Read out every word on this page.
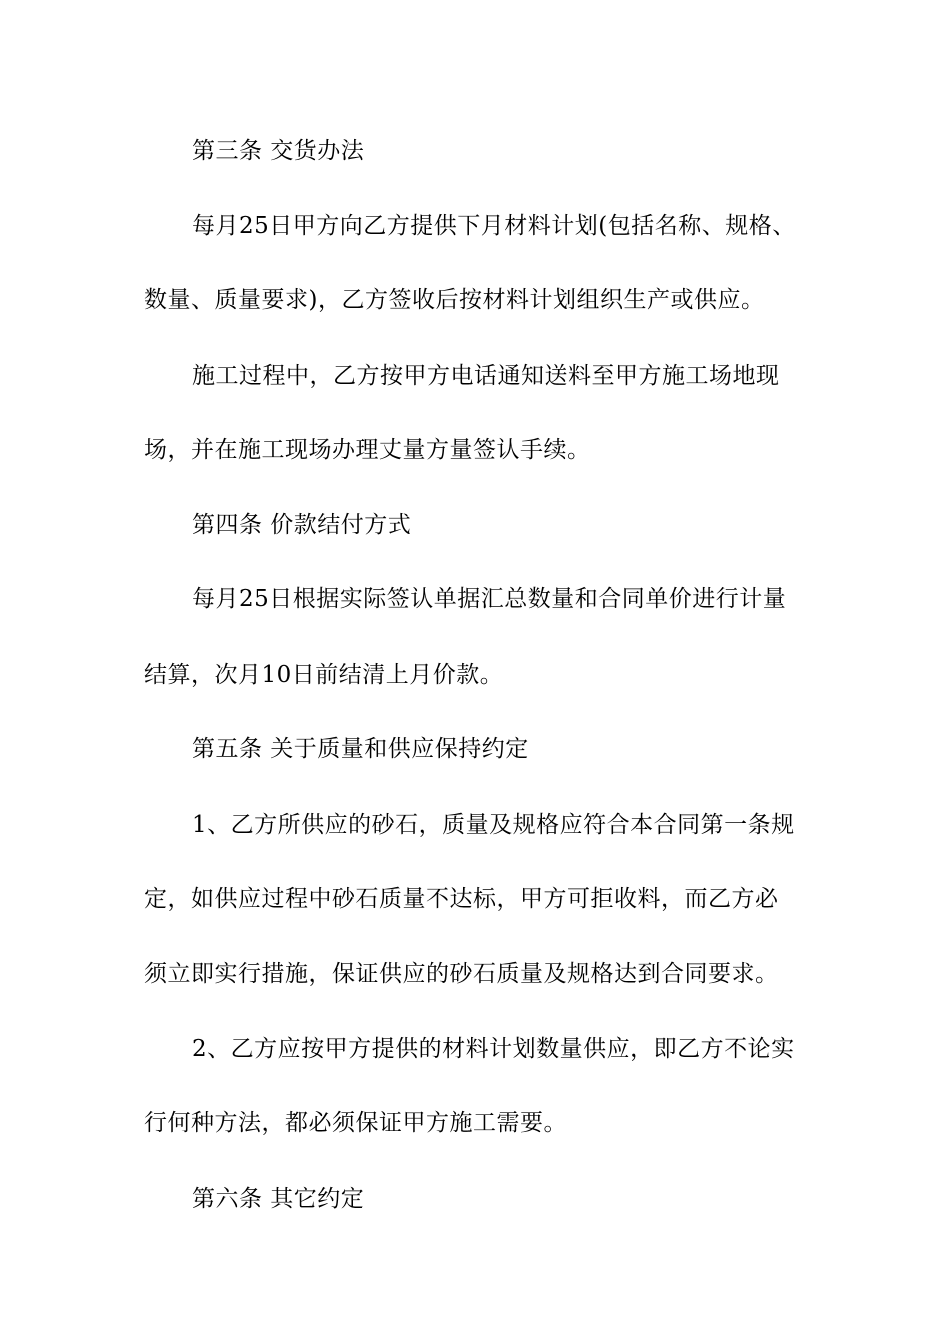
第三条 交货办法
每月25日甲方向乙方提供下月材料计划(包括名称、规格、
数量、质量要求)，乙方签收后按材料计划组织生产或供应。
施工过程中，乙方按甲方电话通知送料至甲方施工场地现
场，并在施工现场办理丈量方量签认手续。
第四条 价款结付方式
每月25日根据实际签认单据汇总数量和合同单价进行计量
结算，次月10日前结清上月价款。
第五条 关于质量和供应保持约定
1、乙方所供应的砂石，质量及规格应符合本合同第一条规
定，如供应过程中砂石质量不达标，甲方可拒收料，而乙方必
须立即实行措施，保证供应的砂石质量及规格达到合同要求。
2、乙方应按甲方提供的材料计划数量供应，即乙方不论实
行何种方法，都必须保证甲方施工需要。
第六条 其它约定
